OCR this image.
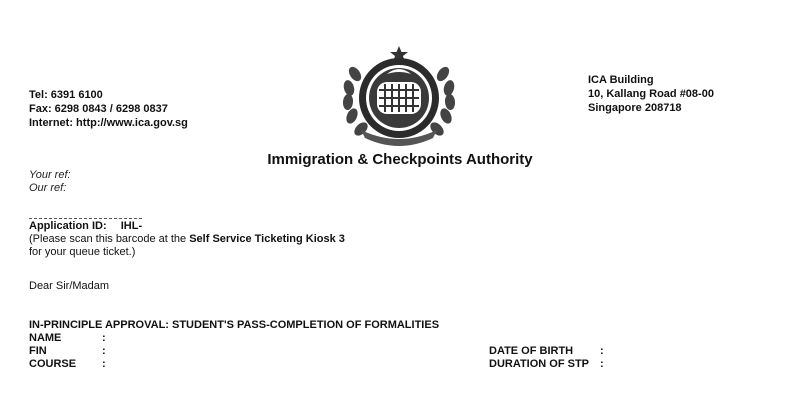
Tel: 6391 6100
Fax: 6298 0843 / 6298 0837
Internet: http://www.ica.gov.sg
ICA Building
10, Kallang Road #08-00
Singapore 208718
Immigration & Checkpoints Authority
Your ref:
Our ref:
Application ID: IHL-
(Please scan this barcode at the Self Service Ticketing Kiosk 3
for your queue ticket.)
Dear Sir/Madam
IN-PRINCIPLE APPROVAL: STUDENT'S PASS-COMPLETION OF FORMALITIES
NAME	:
FIN	:
COURSE :
DATE OF BIRTH :
DURATION OF STP :
